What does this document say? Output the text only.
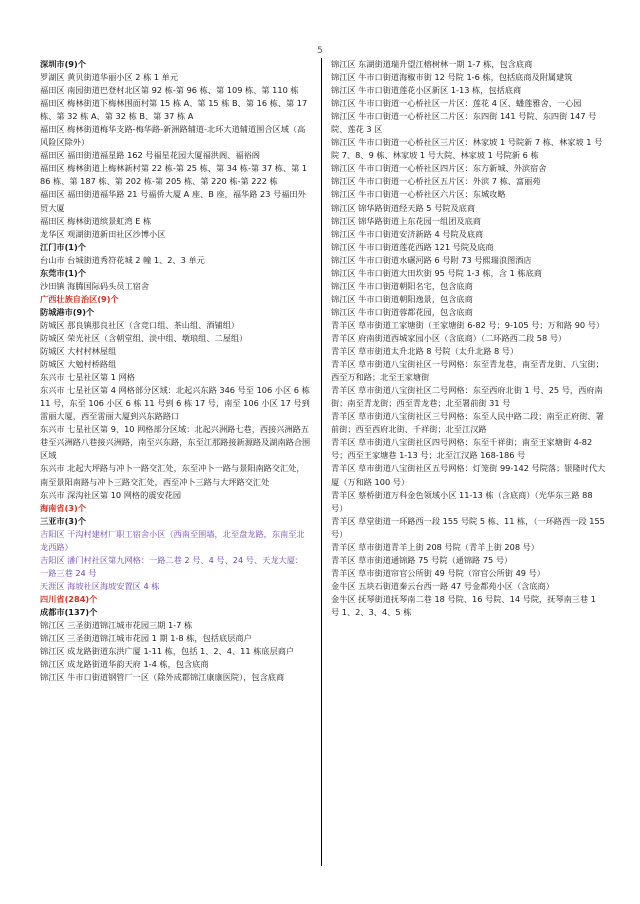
5
深圳市(9)个
罗湖区 黄贝街道华丽小区 2 栋 1 单元
福田区 南园街道巴登村北区第 92 栋-第 96 栋、第 109 栋、第 110 栋
福田区 梅林街道下梅林围面村第 15 栋 A、第 15 栋 B、第 16 栋、第 17 栋、第 32 栋 A、第 32 栋 B、第 37 栋 A
福田区 梅林街道梅华支路-梅华路-新洲路辅道-北环大道辅道围合区域（高风险区除外）
福田区 福田街道福星路 162 号福星花园大厦福洪阁、福裕阁
福田区 梅林街道上梅林新村第 22 栋-第 25 栋、第 34 栋-第 37 栋、第 186 栋、第 187 栋、第 202 栋-第 205 栋、第 220 栋-第 222 栋
福田区 福田街道福华路 21 号福侨大厦 A 座、B 座，福华路 23 号福田外贸大厦
福田区 梅林街道缤景虹湾 E 栋
龙华区 观湖街道新田社区沙博小区
江门市(1)个
台山市 台城街道秀符花城 2 幢 1、2、3 单元
东莞市(1)个
沙田镇 海腾国际码头员工宿舍
广西壮族自治区(9)个
防城港市(9)个
防城区 那良镇那良社区（含竞口组、茶山组、酒铺组）
防城区 荣光社区（含朝堂组、淡中组、墩琅组、二屋组）
防城区 大村村林屋组
防城区 大勉村桥路组
东兴市 七星社区第 1 网格
东兴市 七星社区第 4 网格部分区域：北起兴东路 346 号至 106 小区 6 栋 11 号，东至 106 小区 6 栋 11 号到 6 栋 17 号，南至 106 小区 17 号到雷丽大厦，西至雷丽大厦到兴东路路口
东兴市 七星社区第 9、10 网格部分区域：北起兴洲路七巷，西接兴洲路五巷至兴洲路八巷接兴洲路，南至兴东路，东至江那路接新源路及湖南路合围区域
东兴市 北起大坪路与冲卜一路交汇处，东至冲卜一路与景阳南路交汇处，南至景阳南路与冲卜三路交汇处，西至冲卜三路与大坪路交汇处
东兴市 深沟社区第 10 网格的震安花园
海南省(3)个
三亚市(3)个
吉阳区 干沟村建材厂职工宿舍小区（西南至围墙，北至盘龙路，东南至北龙西路）
吉阳区 潘门村社区第九网格：一路二巷 2 号、4 号、24 号、天龙大厦：一路三巷 24 号
天涯区 海坡社区海坡安置区 4 栋
四川省(284)个
成都市(137)个
锦江区 三圣街道锦江城市花园三期 1-7 栋
锦江区 三圣街道锦江城市花园 1 期 1-8 栋，包括底层商户
锦江区 成龙路街道东洪广厦 1-11 栋，包括 1、2、4、11 栋底层商户
锦江区 成龙路街道华韵天府 1-4 栋，包含底商
锦江区 牛市口街道钢管厂一区（除外成都锦江康康医院），包含底商
锦江区 东湖街道瑞升望江榕树林一期 1-7 栋，包含底商
锦江区 牛市口街道海椒市街 12 号院 1-6 栋，包括底商及附属建筑
锦江区 牛市口街道莲花小区新区 1-13 栋，包括底商
锦江区 牛市口街道一心桥社区一片区：莲花 4 区、蟠莲雅舍、一心园
锦江区 牛市口街道一心桥社区二片区：东四街 141 号院、东四街 147 号院、莲花 3 区
锦江区 牛市口街道一心桥社区三片区：林家坡 1 号院新 7 栋、林家坡 1 号院 7、8、9 栋、林家坡 1 号大院、林家坡 1 号院新 6 栋
锦江区 牛市口街道一心桥社区四片区：东方新城、外滨宿舍
锦江区 牛市口街道一心桥社区五片区：外滨 7 栋、富丽苑
锦江区 牛市口街道一心桥社区六片区：东城攻略
锦江区 锦华路街道经天路 5 号院及底商
锦江区 锦华路街道上东花园一组团及底商
锦江区 牛市口街道安济新路 4 号院及底商
锦江区 牛市口街道莲花西路 121 号院及底商
锦江区 牛市口街道水碾河路 6 号附 73 号熙瑞浪图酒店
锦江区 牛市口街道大田坎街 95 号院 1-3 栋，含 1 栋底商
锦江区 牛市口街道朝阳名宅，包含底商
锦江区 牛市口街道朝阳逸景，包含底商
锦江区 牛市口街道蓉都花园，包含底商
青羊区 草市街道工家塘街（王家塘街 6-82 号；9-105 号；万和路 90 号）
青羊区 府南街道西城家园小区（含底商）（二环路西二段 58 号）
青羊区 草市街道太升北路 8 号院（太升北路 8 号）
青羊区 草市街道八宝街社区一号网格：东至青龙巷，南至青龙街、八宝街；西至万和路；北至王家塘街
青羊区 草市街道八宝街社区二号网格：东至西府北街 1 号、25 号，西府南街；南至青龙街；西至青龙巷；北至署前街 31 号
青羊区 草市街道八宝街社区三号网格：东至人民中路二段；南至正府街、署前街；西至西府北街、千祥街；北至江汉路
青羊区 草市街道八宝街社区四号网格：东至千祥街；南至王家塘街 4-82 号；西至王家塘巷 1-13 号；北至江汉路 168-186 号
青羊区 草市街道八宝街社区五号网格：灯笼街 99-142 号院落；银隆时代大厦（万和路 100 号）
青羊区 蔡桥街道万科金色领域小区 11-13 栋（含底商）（光华东三路 88 号）
青羊区 草堂街道一环路西一段 155 号院 5 栋、11 栋，（一环路西一段 155 号）
青羊区 草市街道青羊上街 208 号院（青羊上街 208 号）
青羊区 草市街道通锦路 75 号院（通锦路 75 号）
青羊区 草市街道帘官公所街 49 号院（帘官公所街 49 号）
金牛区 五块石街道秦云台西一路 47 号金都苑小区（含底商）
金牛区 抚琴街道抚琴南二巷 18 号院、16 号院、14 号院，抚琴南三巷 1 号 1、2、3、4、5 栋
